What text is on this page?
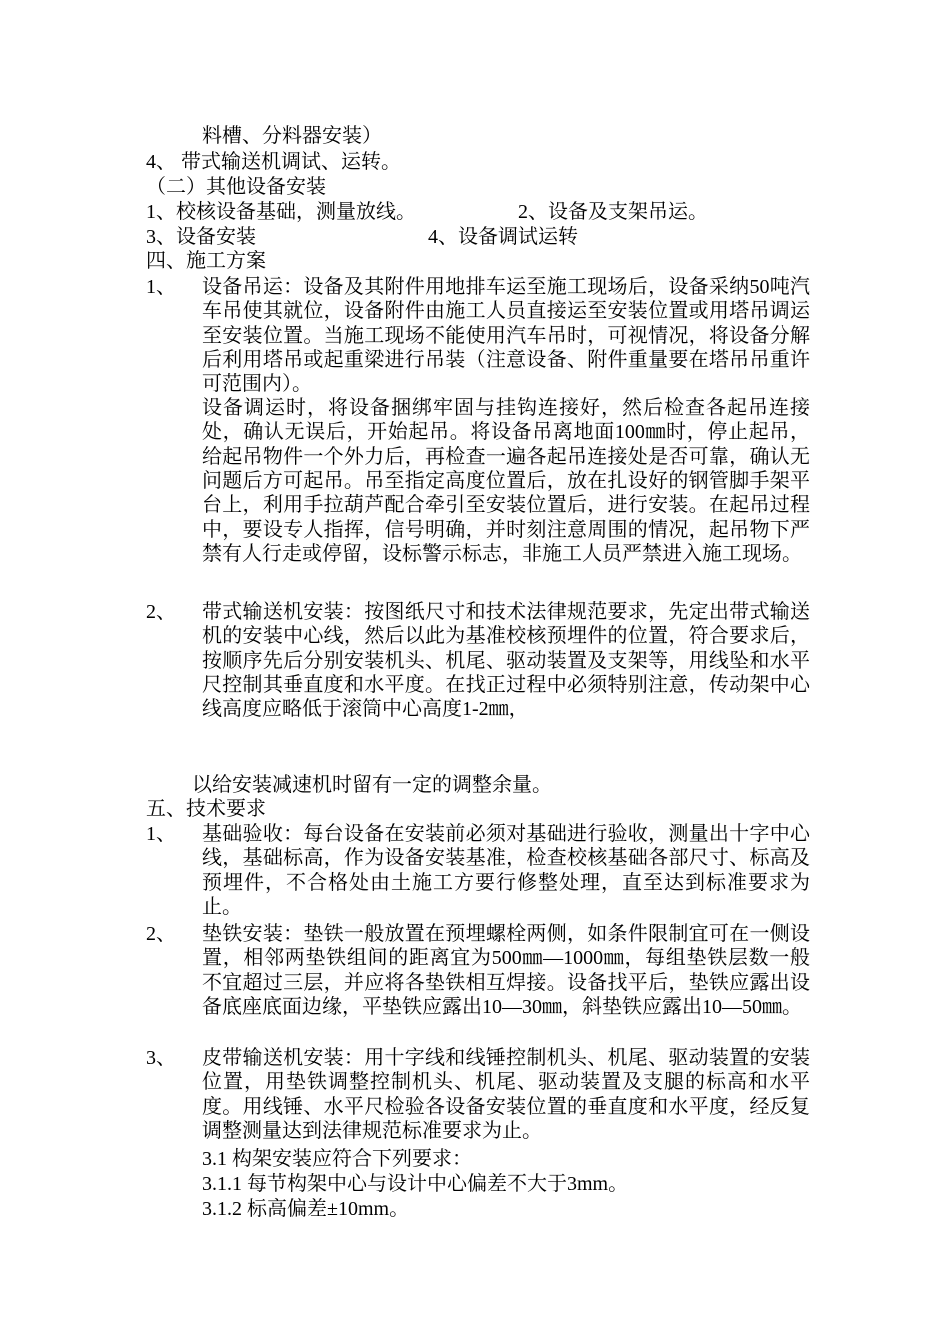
料槽、分料器安装）
4、 带式输送机调试、运转。
（二）其他设备安装
1、校核设备基础，测量放线。	2、设备及支架吊运。
3、设备安装	4、设备调试运转
四、施工方案
1、 设备吊运：设备及其附件用地排车运至施工现场后，设备采纳50吨汽车吊使其就位，设备附件由施工人员直接运至安装位置或用塔吊调运至安装位置。当施工现场不能使用汽车吊时，可视情况，将设备分解后利用塔吊或起重梁进行吊装（注意设备、附件重量要在塔吊吊重许可范围内）。
设备调运时，将设备捆绑牢固与挂钩连接好，然后检查各起吊连接处，确认无误后，开始起吊。将设备吊离地面100㎜时，停止起吊，给起吊物件一个外力后，再检查一遍各起吊连接处是否可靠，确认无问题后方可起吊。吊至指定高度位置后，放在扎设好的钢管脚手架平台上，利用手拉葫芦配合牵引至安装位置后，进行安装。在起吊过程中，要设专人指挥，信号明确，并时刻注意周围的情况，起吊物下严禁有人行走或停留，设标警示标志，非施工人员严禁进入施工现场。
2、 带式输送机安装：按图纸尺寸和技术法律规范要求，先定出带式输送机的安装中心线，然后以此为基准校核预埋件的位置，符合要求后，按顺序先后分别安装机头、机尾、驱动装置及支架等，用线坠和水平尺控制其垂直度和水平度。在找正过程中必须特别注意，传动架中心线高度应略低于滚筒中心高度1-2㎜，
以给安装减速机时留有一定的调整余量。
五、技术要求
1、 基础验收：每台设备在安装前必须对基础进行验收，测量出十字中心线，基础标高，作为设备安装基准，检查校核基础各部尺寸、标高及预埋件，不合格处由土施工方要行修整处理，直至达到标准要求为止。
2、 垫铁安装：垫铁一般放置在预埋螺栓两侧，如条件限制宜可在一侧设置，相邻两垫铁组间的距离宜为500㎜—1000㎜，每组垫铁层数一般不宜超过三层，并应将各垫铁相互焊接。设备找平后，垫铁应露出设备底座底面边缘，平垫铁应露出10—30㎜，斜垫铁应露出10—50㎜。
3、 皮带输送机安装：用十字线和线锤控制机头、机尾、驱动装置的安装位置，用垫铁调整控制机头、机尾、驱动装置及支腿的标高和水平度。用线锤、水平尺检验各设备安装位置的垂直度和水平度，经反复调整测量达到法律规范标准要求为止。
3.1 构架安装应符合下列要求：
3.1.1 每节构架中心与设计中心偏差不大于3mm。
3.1.2 标高偏差±10mm。
